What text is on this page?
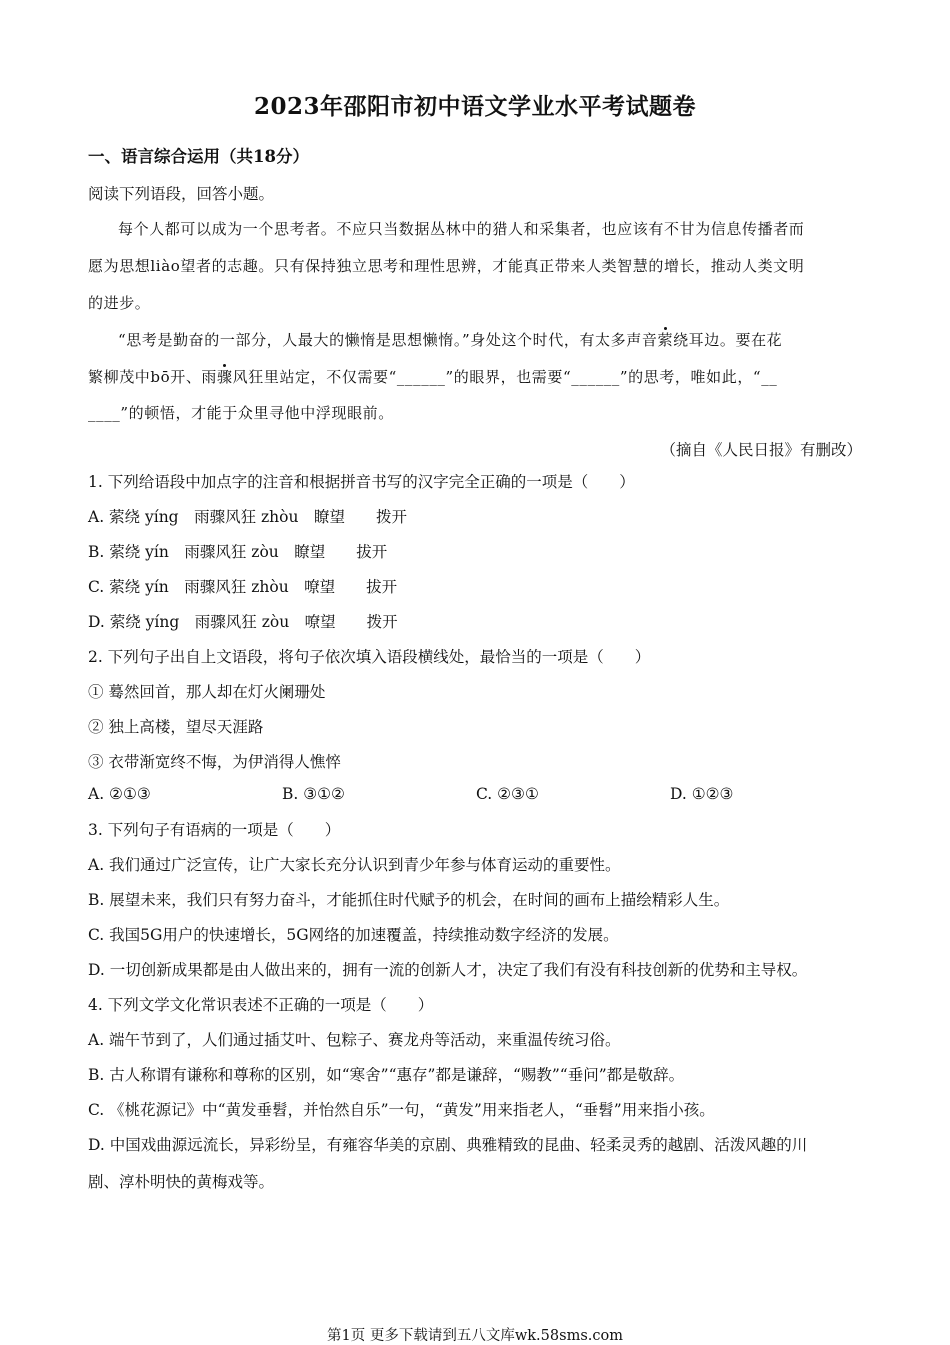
2023年邵阳市初中语文学业水平考试题卷
一、语言综合运用（共18分）
阅读下列语段，回答小题。
每个人都可以成为一个思考者。不应只当数据丛林中的猎人和采集者，也应该有不甘为信息传播者而
愿为思想liào望者的志趣。只有保持独立思考和理性思辨，才能真正带来人类智慧的增长，推动人类文明
的进步。
“思考是勤奋的一部分，人最大的懒惰是思想懒惰。”身处这个时代，有太多声音萦绕耳边。要在花
繁柳茂中bō开、雨骤风狂里站定，不仅需要“______”的眼界，也需要“______”的思考，唯如此，“__
____”的顿悟，才能于众里寻他中浮现眼前。
（摘自《人民日报》有删改）
1. 下列给语段中加点字的注音和根据拼音书写的汉字完全正确的一项是（　　）
A. 萦绕 yíng　雨骤风狂 zhòu　瞭望　　拨开
B. 萦绕 yín　雨骤风狂 zòu　瞭望　　拔开
C. 萦绕 yín　雨骤风狂 zhòu　嘹望　　拔开
D. 萦绕 yíng　雨骤风狂 zòu　嘹望　　拨开
2. 下列句子出自上文语段，将句子依次填入语段横线处，最恰当的一项是（　　）
① 蓦然回首，那人却在灯火阑珊处
② 独上高楼，望尽天涯路
③ 衣带渐宽终不悔，为伊消得人憔悴
A. ②①③	B. ③①②	C. ②③①	D. ①②③
3. 下列句子有语病的一项是（　　）
A. 我们通过广泛宣传，让广大家长充分认识到青少年参与体育运动的重要性。
B. 展望未来，我们只有努力奋斗，才能抓住时代赋予的机会，在时间的画布上描绘精彩人生。
C. 我国5G用户的快速增长，5G网络的加速覆盖，持续推动数字经济的发展。
D. 一切创新成果都是由人做出来的，拥有一流的创新人才，决定了我们有没有科技创新的优势和主导权。
4. 下列文学文化常识表述不正确的一项是（　　）
A. 端午节到了，人们通过插艾叶、包粽子、赛龙舟等活动，来重温传统习俗。
B. 古人称谓有谦称和尊称的区别，如“寒舍”“惠存”都是谦辞，“赐教”“垂问”都是敬辞。
C. 《桃花源记》中“黄发垂髫，并怡然自乐”一句，“黄发”用来指老人，“垂髫”用来指小孩。
D. 中国戏曲源远流长，异彩纷呈，有雍容华美的京剧、典雅精致的昆曲、轻柔灵秀的越剧、活泼风趣的川
剧、淳朴明快的黄梅戏等。
第1页 更多下载请到五八文库wk.58sms.com
